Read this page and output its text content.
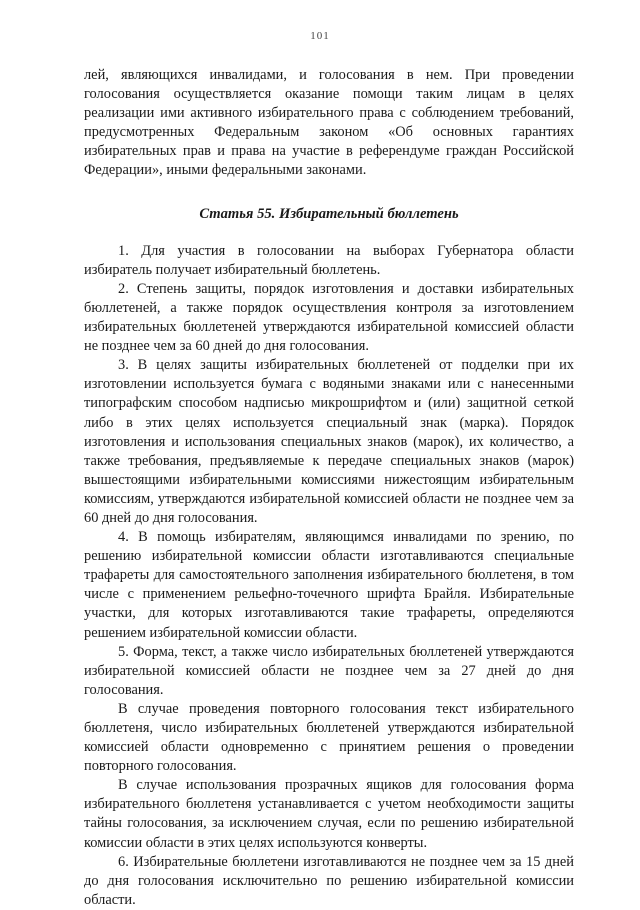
101

лей, являющихся инвалидами, и голосования в нем. При проведении голосования осуществляется оказание помощи таким лицам в целях реализации ими активного избирательного права с соблюдением требований, предусмотренных Федеральным законом «Об основных гарантиях избирательных прав и права на участие в референдуме граждан Российской Федерации», иными федеральными законами.

Статья 55. Избирательный бюллетень

1. Для участия в голосовании на выборах Губернатора области избиратель получает избирательный бюллетень.

2. Степень защиты, порядок изготовления и доставки избирательных бюллетеней, а также порядок осуществления контроля за изготовлением избирательных бюллетеней утверждаются избирательной комиссией области не позднее чем за 60 дней до дня голосования.

3. В целях защиты избирательных бюллетеней от подделки при их изготовлении используется бумага с водяными знаками или с нанесенными типографским способом надписью микрошрифтом и (или) защитной сеткой либо в этих целях используется специальный знак (марка). Порядок изготовления и использования специальных знаков (марок), их количество, а также требования, предъявляемые к передаче специальных знаков (марок) вышестоящими избирательными комиссиями нижестоящим избирательным комиссиям, утверждаются избирательной комиссией области не позднее чем за 60 дней до дня голосования.

4. В помощь избирателям, являющимся инвалидами по зрению, по решению избирательной комиссии области изготавливаются специальные трафареты для самостоятельного заполнения избирательного бюллетеня, в том числе с применением рельефно-точечного шрифта Брайля. Избирательные участки, для которых изготавливаются такие трафареты, определяются решением избирательной комиссии области.

5. Форма, текст, а также число избирательных бюллетеней утверждаются избирательной комиссией области не позднее чем за 27 дней до дня голосования.

В случае проведения повторного голосования текст избирательного бюллетеня, число избирательных бюллетеней утверждаются избирательной комиссией области одновременно с принятием решения о проведении повторного голосования.

В случае использования прозрачных ящиков для голосования форма избирательного бюллетеня устанавливается с учетом необходимости защиты тайны голосования, за исключением случая, если по решению избирательной комиссии области в этих целях используются конверты.

6. Избирательные бюллетени изготавливаются не позднее чем за 15 дней до дня голосования исключительно по решению избирательной комиссии области.
